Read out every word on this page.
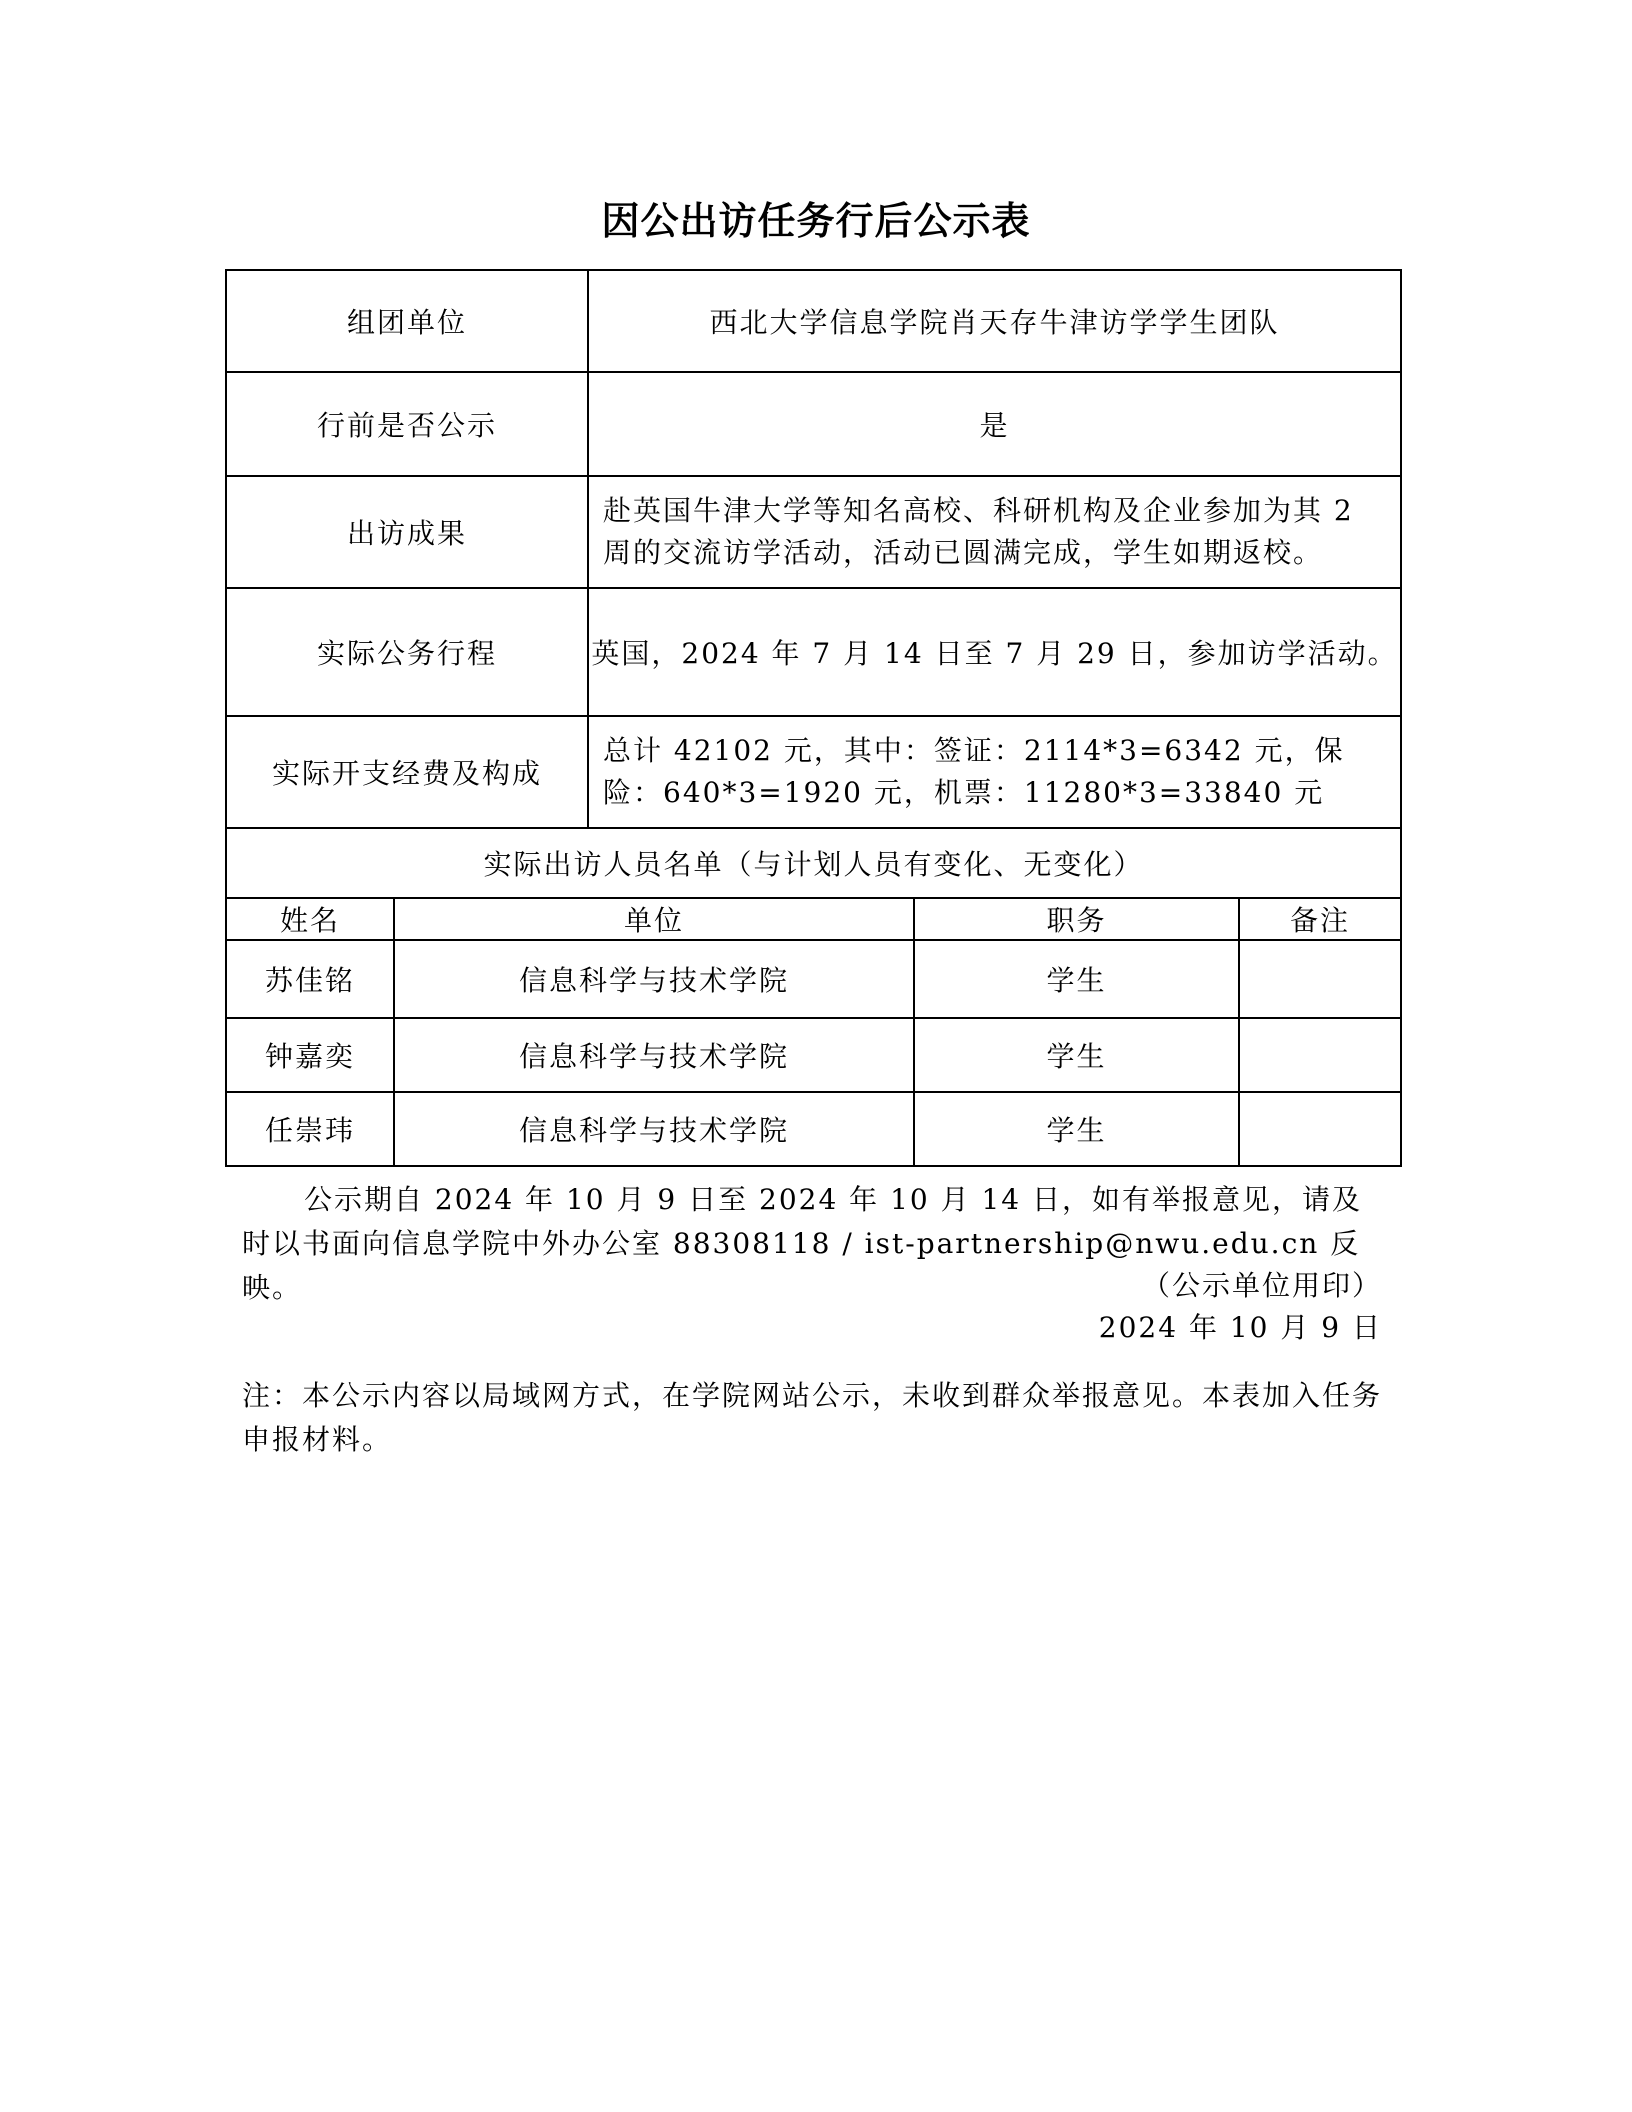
因公出访任务行后公示表
组团单位		西北大学信息学院肖天存牛津访学学生团队		
行前是否公示		是		
出访成果		赴英国牛津大学等知名高校、科研机构及企业参加为其 2 周的交流访学活动，活动已圆满完成，学生如期返校。		
实际公务行程		英国，2024 年 7 月 14 日至 7 月 29 日，参加访学活动。		
实际开支经费及构成		总计 42102 元，其中：签证：2114*3=6342 元，保险：640*3=1920 元，机票：11280*3=33840 元		
实际出访人员名单（与计划人员有变化、无变化）				
姓名	单位		职务	备注
苏佳铭	信息科学与技术学院		学生	
钟嘉奕	信息科学与技术学院		学生	
任崇玮	信息科学与技术学院		学生	
公示期自 2024 年 10 月 9 日至 2024 年 10 月 14 日，如有举报意见，请及时以书面向信息学院中外办公室 88308118 / ist-partnership@nwu.edu.cn 反映。	（公示单位用印）
2024 年 10 月 9 日
注：本公示内容以局域网方式，在学院网站公示，未收到群众举报意见。本表加入任务申报材料。
